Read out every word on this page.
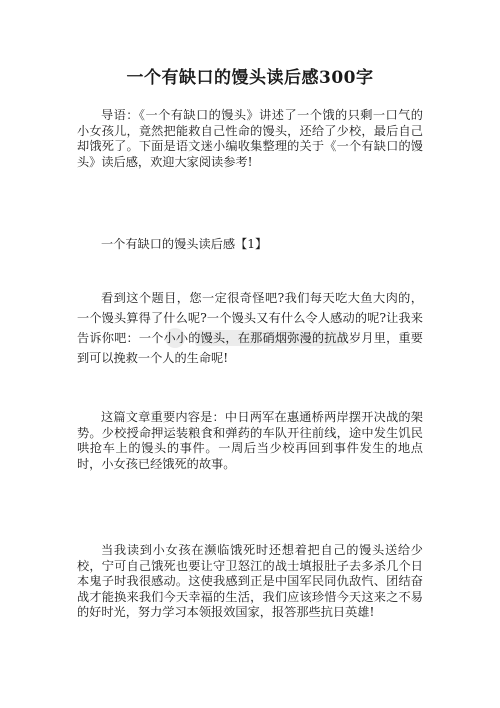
一个有缺口的馒头读后感300字

导语：《一个有缺口的馒头》讲述了一个饿的只剩一口气的小女孩儿，竟然把能救自己性命的馒头，还给了少校，最后自己却饿死了。下面是语文迷小编收集整理的关于《一个有缺口的馒头》读后感，欢迎大家阅读参考!

一个有缺口的馒头读后感【1】

看到这个题目，您一定很奇怪吧?我们每天吃大鱼大肉的，一个馒头算得了什么呢?一个馒头又有什么令人感动的呢?让我来告诉你吧：一个小小的馒头，在那硝烟弥漫的抗战岁月里，重要到可以挽救一个人的生命呢!

这篇文章重要内容是：中日两军在惠通桥两岸摆开决战的架势。少校授命押运装粮食和弹药的车队开往前线，途中发生饥民哄抢车上的馒头的事件。一周后当少校再回到事件发生的地点时，小女孩已经饿死的故事。

当我读到小女孩在濒临饿死时还想着把自己的馒头送给少校，宁可自己饿死也要让守卫怒江的战士填报肚子去多杀几个日本鬼子时我很感动。这使我感到正是中国军民同仇敌忾、团结奋战才能换来我们今天幸福的生活，我们应该珍惜今天这来之不易的好时光，努力学习本领报效国家，报答那些抗日英雄!
